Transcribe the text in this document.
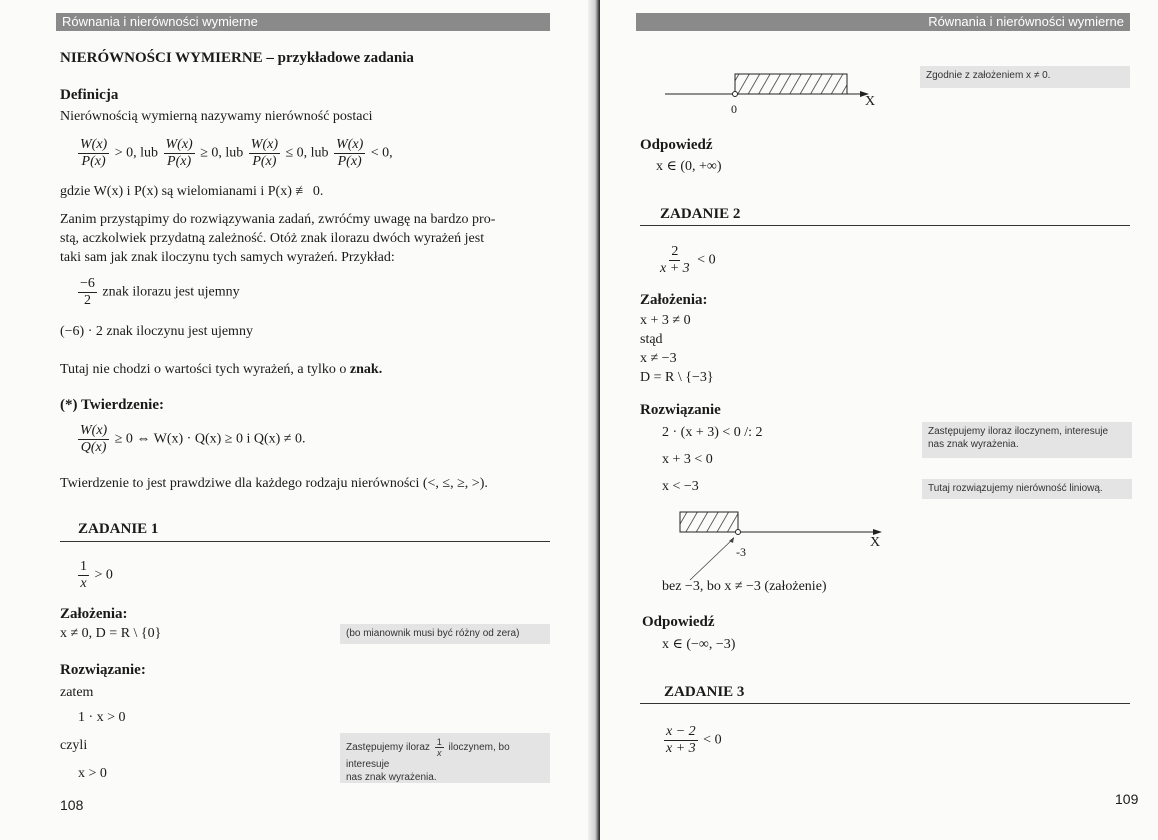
Równania i nierówności wymierne
NIERÓWNOŚCI WYMIERNE – przykładowe zadania
Definicja
Nierównością wymierną nazywamy nierówność postaci
$\frac{W(x)}{P(x)} > 0$, lub $\frac{W(x)}{P(x)} \ge 0$, lub $\frac{W(x)}{P(x)} \le 0$, lub $\frac{W(x)}{P(x)} < 0$,
gdzie W(x) i P(x) są wielomianami i P(x) ≢ 0.
Zanim przystąpimy do rozwiązywania zadań, zwróćmy uwagę na bardzo pro-
stą, aczkolwiek przydatną zależność. Otóż znak ilorazu dwóch wyrażeń jest
taki sam jak znak iloczynu tych samych wyrażeń. Przykład:
$\frac{-6}{2}$ znak ilorazu jest ujemny
(−6) · 2 znak iloczynu jest ujemny
Tutaj nie chodzi o wartości tych wyrażeń, a tylko o znak.
(*) Twierdzenie:
$\frac{W(x)}{Q(x)} \ge 0$ ⇔ W(x) · Q(x) ≥ 0 i Q(x) ≠ 0.
Twierdzenie to jest prawdziwe dla każdego rodzaju nierówności (<, ≤, ≥, >).
ZADANIE 1
$\frac{1}{x} > 0$
Założenia:
x ≠ 0, D = R \ {0}	(bo mianownik musi być różny od zera)
Rozwiązanie:
zatem
1 · x > 0
czyli
x > 0
Zastępujemy iloraz $\frac{1}{x}$ iloczynem, bo interesuje
nas znak wyrażenia.
108
Równania i nierówności wymierne
0	X
Zgodnie z założeniem x ≠ 0.
Odpowiedź
x ∈ (0, +∞)
ZADANIE 2
$\frac{2}{x + 3} < 0$
Założenia:
x + 3 ≠ 0
stąd
x ≠ −3
D = R \ {−3}
Rozwiązanie
2 · (x + 3) < 0 /: 2
x + 3 < 0
x < −3
Zastępujemy iloraz iloczynem, interesuje nas znak wyrażenia.
Tutaj rozwiązujemy nierówność liniową.
-3
X
bez −3, bo x ≠ −3 (założenie)
Odpowiedź
x ∈ (−∞, −3)
ZADANIE 3
$\frac{x - 2}{x + 3} < 0$
109
